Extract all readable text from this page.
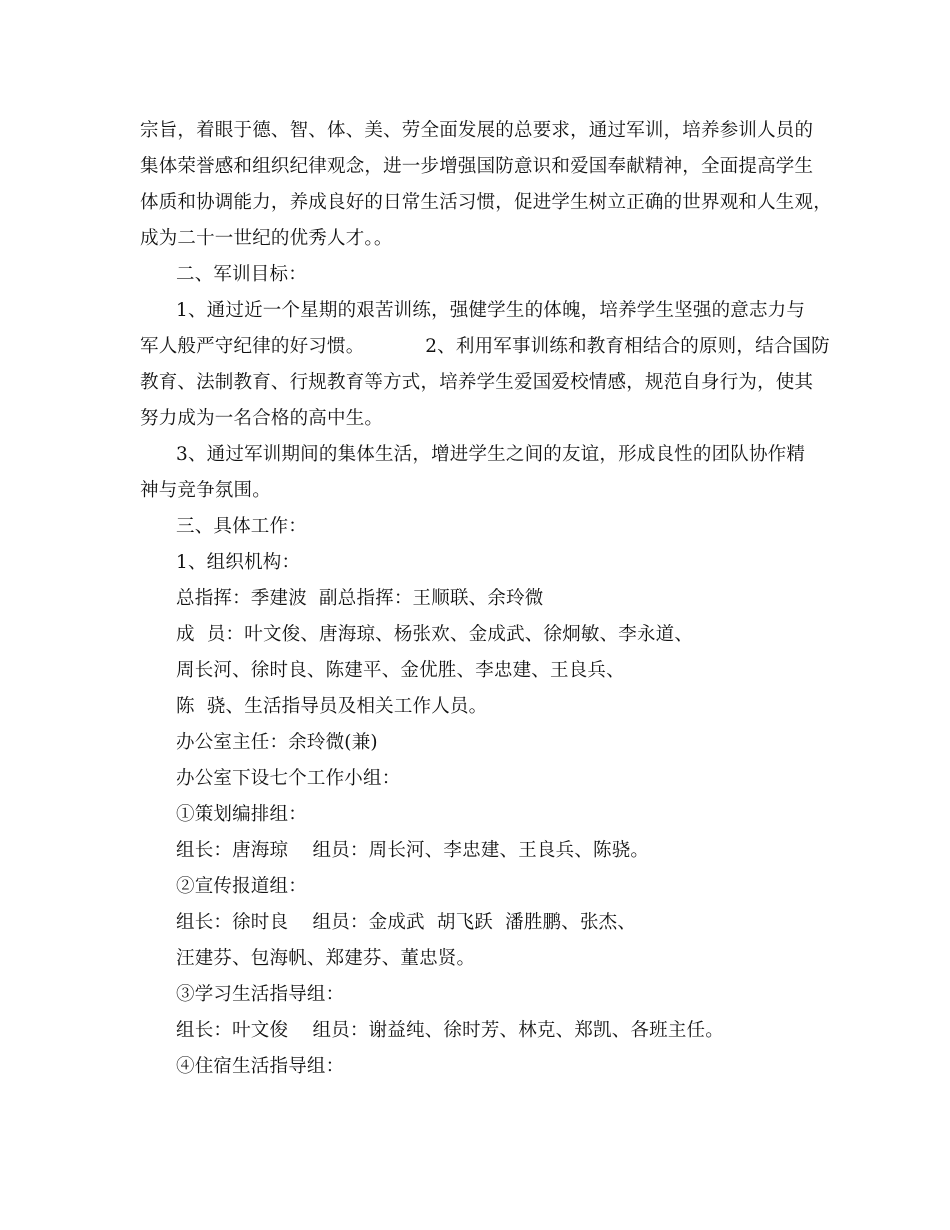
宗旨，着眼于德、智、体、美、劳全面发展的总要求，通过军训，培养参训人员的
集体荣誉感和组织纪律观念，进一步增强国防意识和爱国奉献精神，全面提高学生
体质和协调能力，养成良好的日常生活习惯，促进学生树立正确的世界观和人生观，
成为二十一世纪的优秀人才。。
二、军训目标：
1、通过近一个星期的艰苦训练，强健学生的体魄，培养学生坚强的意志力与
军人般严守纪律的好习惯。          2、利用军事训练和教育相结合的原则，结合国防
教育、法制教育、行规教育等方式，培养学生爱国爱校情感，规范自身行为，使其
努力成为一名合格的高中生。
3、通过军训期间的集体生活，增进学生之间的友谊，形成良性的团队协作精
神与竞争氛围。
三、具体工作：
1、组织机构：
总指挥：季建波  副总指挥：王顺联、余玲微
成  员：叶文俊、唐海琼、杨张欢、金成武、徐炯敏、李永道、
周长河、徐时良、陈建平、金优胜、李忠建、王良兵、
陈  骁、生活指导员及相关工作人员。
办公室主任：余玲微(兼)
办公室下设七个工作小组：
①策划编排组：
组长：唐海琼    组员：周长河、李忠建、王良兵、陈骁。
②宣传报道组：
组长：徐时良    组员：金成武  胡飞跃  潘胜鹏、张杰、
汪建芬、包海帆、郑建芬、董忠贤。
③学习生活指导组：
组长：叶文俊    组员：谢益纯、徐时芳、林克、郑凯、各班主任。
④住宿生活指导组：
